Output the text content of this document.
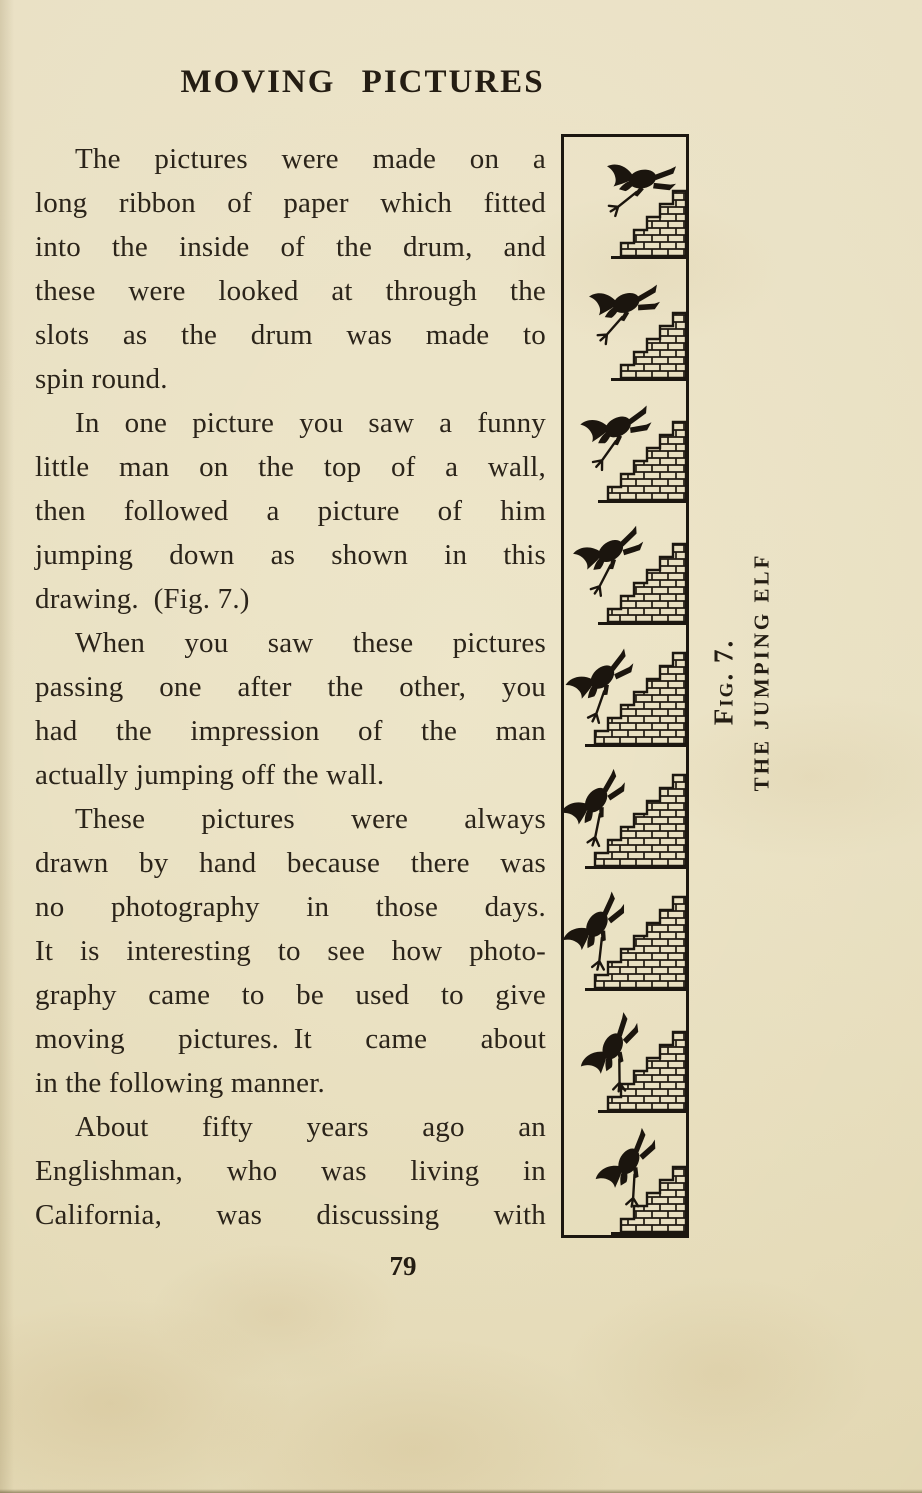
MOVING PICTURES
The pictures were made on a
long ribbon of paper which fitted
into the inside of the drum, and
these were looked at through the
slots as the drum was made to
spin round.
In one picture you saw a funny
little man on the top of a wall,
then followed a picture of him
jumping down as shown in this
drawing. (Fig. 7.)
When you saw these pictures
passing one after the other, you
had the impression of the man
actually jumping off the wall.
These pictures were always
drawn by hand because there was
no photography in those days.
It is interesting to see how photo-
graphy came to be used to give
moving pictures. It came about
in the following manner.
About fifty years ago an
Englishman, who was living in
California, was discussing with
Fig. 7. THE JUMPING ELF
79
